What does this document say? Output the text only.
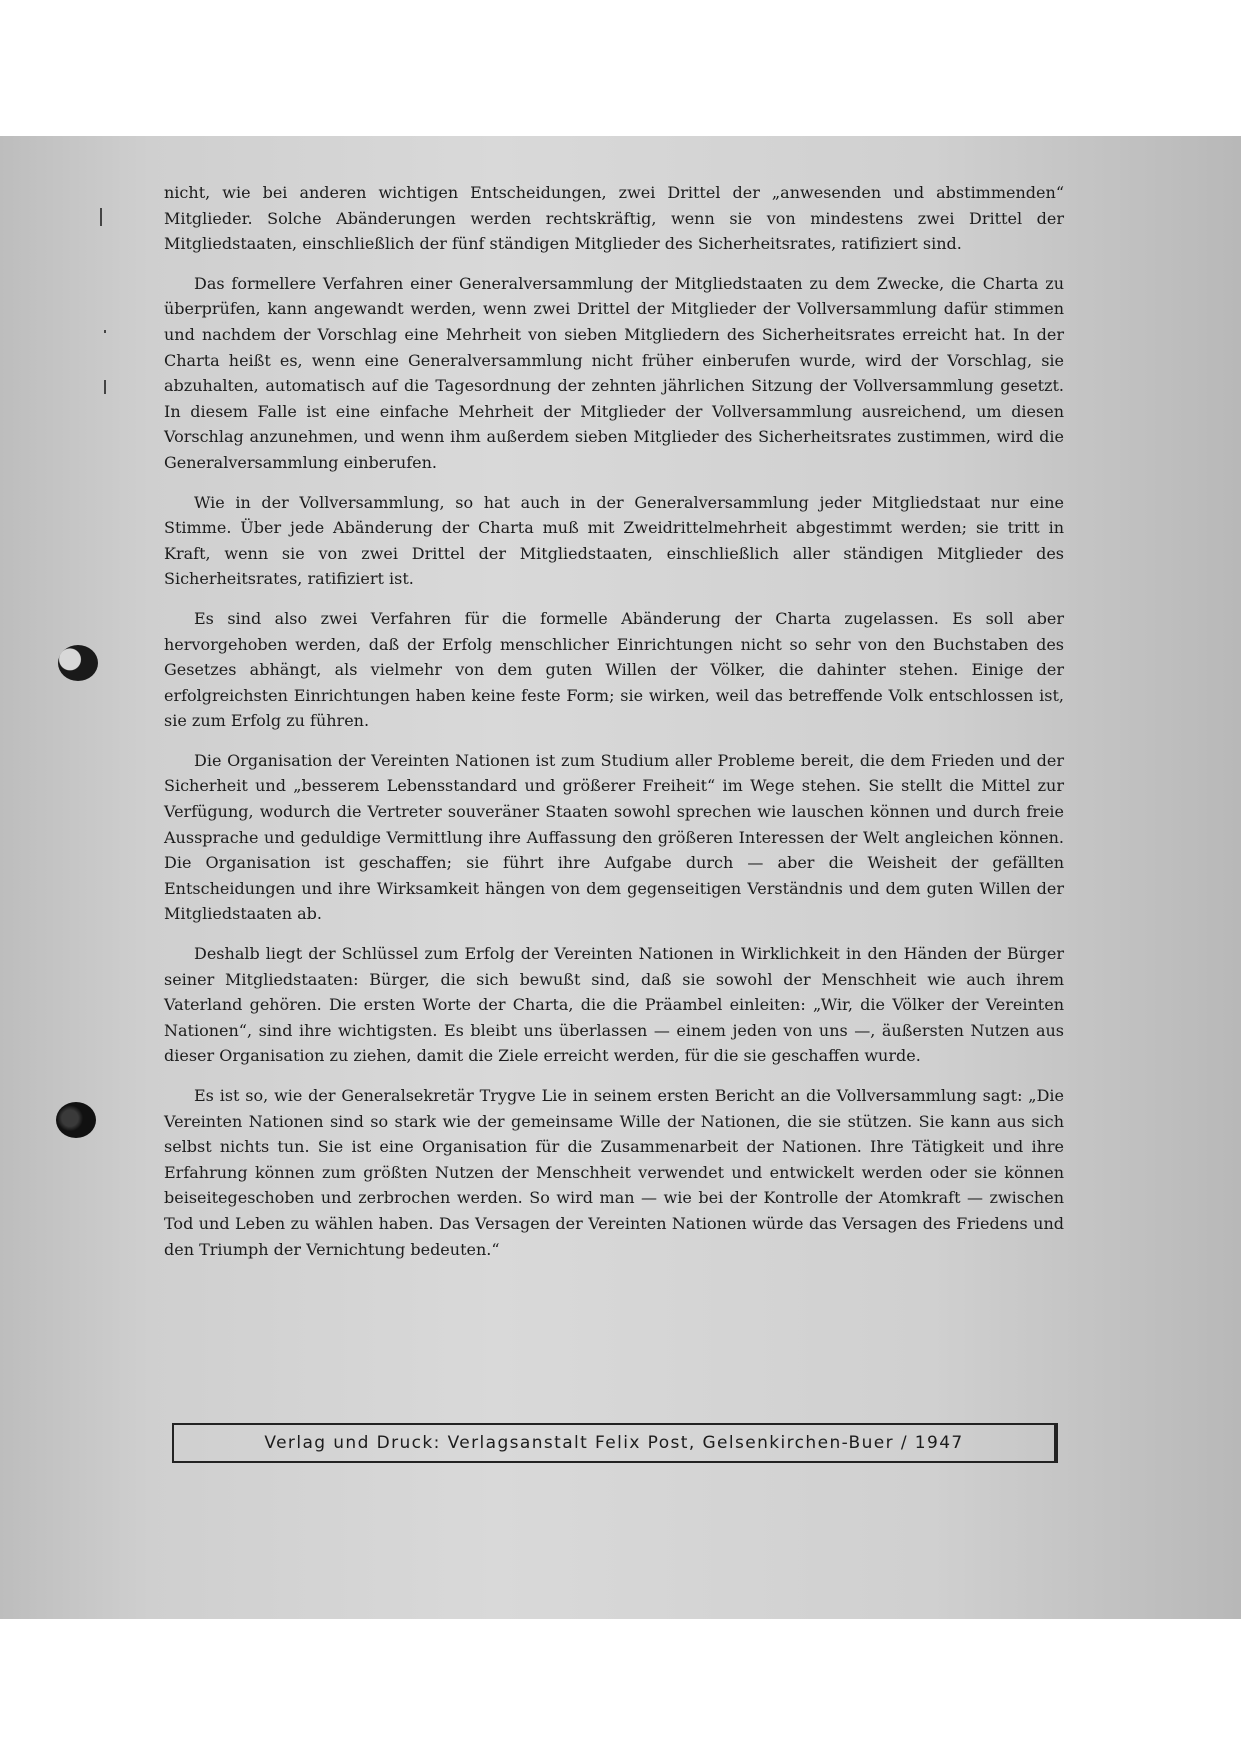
nicht, wie bei anderen wichtigen Entscheidungen, zwei Drittel der „anwesenden und abstimmenden“ Mitglieder. Solche Abänderungen werden rechtskräftig, wenn sie von mindestens zwei Drittel der Mitgliedstaaten, einschließlich der fünf ständigen Mitglieder des Sicherheitsrates, ratifiziert sind.

Das formellere Verfahren einer Generalversammlung der Mitgliedstaaten zu dem Zwecke, die Charta zu überprüfen, kann angewandt werden, wenn zwei Drittel der Mitglieder der Vollversammlung dafür stimmen und nachdem der Vorschlag eine Mehrheit von sieben Mitgliedern des Sicherheitsrates erreicht hat. In der Charta heißt es, wenn eine Generalversammlung nicht früher einberufen wurde, wird der Vorschlag, sie abzuhalten, automatisch auf die Tagesordnung der zehnten jährlichen Sitzung der Vollversammlung gesetzt. In diesem Falle ist eine einfache Mehrheit der Mitglieder der Vollversammlung ausreichend, um diesen Vorschlag anzunehmen, und wenn ihm außerdem sieben Mitglieder des Sicherheitsrates zustimmen, wird die Generalversammlung einberufen.

Wie in der Vollversammlung, so hat auch in der Generalversammlung jeder Mitgliedstaat nur eine Stimme. Über jede Abänderung der Charta muß mit Zweidrittelmehrheit abgestimmt werden; sie tritt in Kraft, wenn sie von zwei Drittel der Mitgliedstaaten, einschließlich aller ständigen Mitglieder des Sicherheitsrates, ratifiziert ist.

Es sind also zwei Verfahren für die formelle Abänderung der Charta zugelassen. Es soll aber hervorgehoben werden, daß der Erfolg menschlicher Einrichtungen nicht so sehr von den Buchstaben des Gesetzes abhängt, als vielmehr von dem guten Willen der Völker, die dahinter stehen. Einige der erfolgreichsten Einrichtungen haben keine feste Form; sie wirken, weil das betreffende Volk entschlossen ist, sie zum Erfolg zu führen.

Die Organisation der Vereinten Nationen ist zum Studium aller Probleme bereit, die dem Frieden und der Sicherheit und „besserem Lebensstandard und größerer Freiheit“ im Wege stehen. Sie stellt die Mittel zur Verfügung, wodurch die Vertreter souveräner Staaten sowohl sprechen wie lauschen können und durch freie Aussprache und geduldige Vermittlung ihre Auffassung den größeren Interessen der Welt angleichen können. Die Organisation ist geschaffen; sie führt ihre Aufgabe durch — aber die Weisheit der gefällten Entscheidungen und ihre Wirksamkeit hängen von dem gegenseitigen Verständnis und dem guten Willen der Mitgliedstaaten ab.

Deshalb liegt der Schlüssel zum Erfolg der Vereinten Nationen in Wirklichkeit in den Händen der Bürger seiner Mitgliedstaaten: Bürger, die sich bewußt sind, daß sie sowohl der Menschheit wie auch ihrem Vaterland gehören. Die ersten Worte der Charta, die die Präambel einleiten: „Wir, die Völker der Vereinten Nationen“, sind ihre wichtigsten. Es bleibt uns überlassen — einem jeden von uns —, äußersten Nutzen aus dieser Organisation zu ziehen, damit die Ziele erreicht werden, für die sie geschaffen wurde.

Es ist so, wie der Generalsekretär Trygve Lie in seinem ersten Bericht an die Vollversammlung sagt: „Die Vereinten Nationen sind so stark wie der gemeinsame Wille der Nationen, die sie stützen. Sie kann aus sich selbst nichts tun. Sie ist eine Organisation für die Zusammenarbeit der Nationen. Ihre Tätigkeit und ihre Erfahrung können zum größten Nutzen der Menschheit verwendet und entwickelt werden oder sie können beiseitegeschoben und zerbrochen werden. So wird man — wie bei der Kontrolle der Atomkraft — zwischen Tod und Leben zu wählen haben. Das Versagen der Vereinten Nationen würde das Versagen des Friedens und den Triumph der Vernichtung bedeuten.“

Verlag und Druck: Verlagsanstalt Felix Post, Gelsenkirchen-Buer / 1947
